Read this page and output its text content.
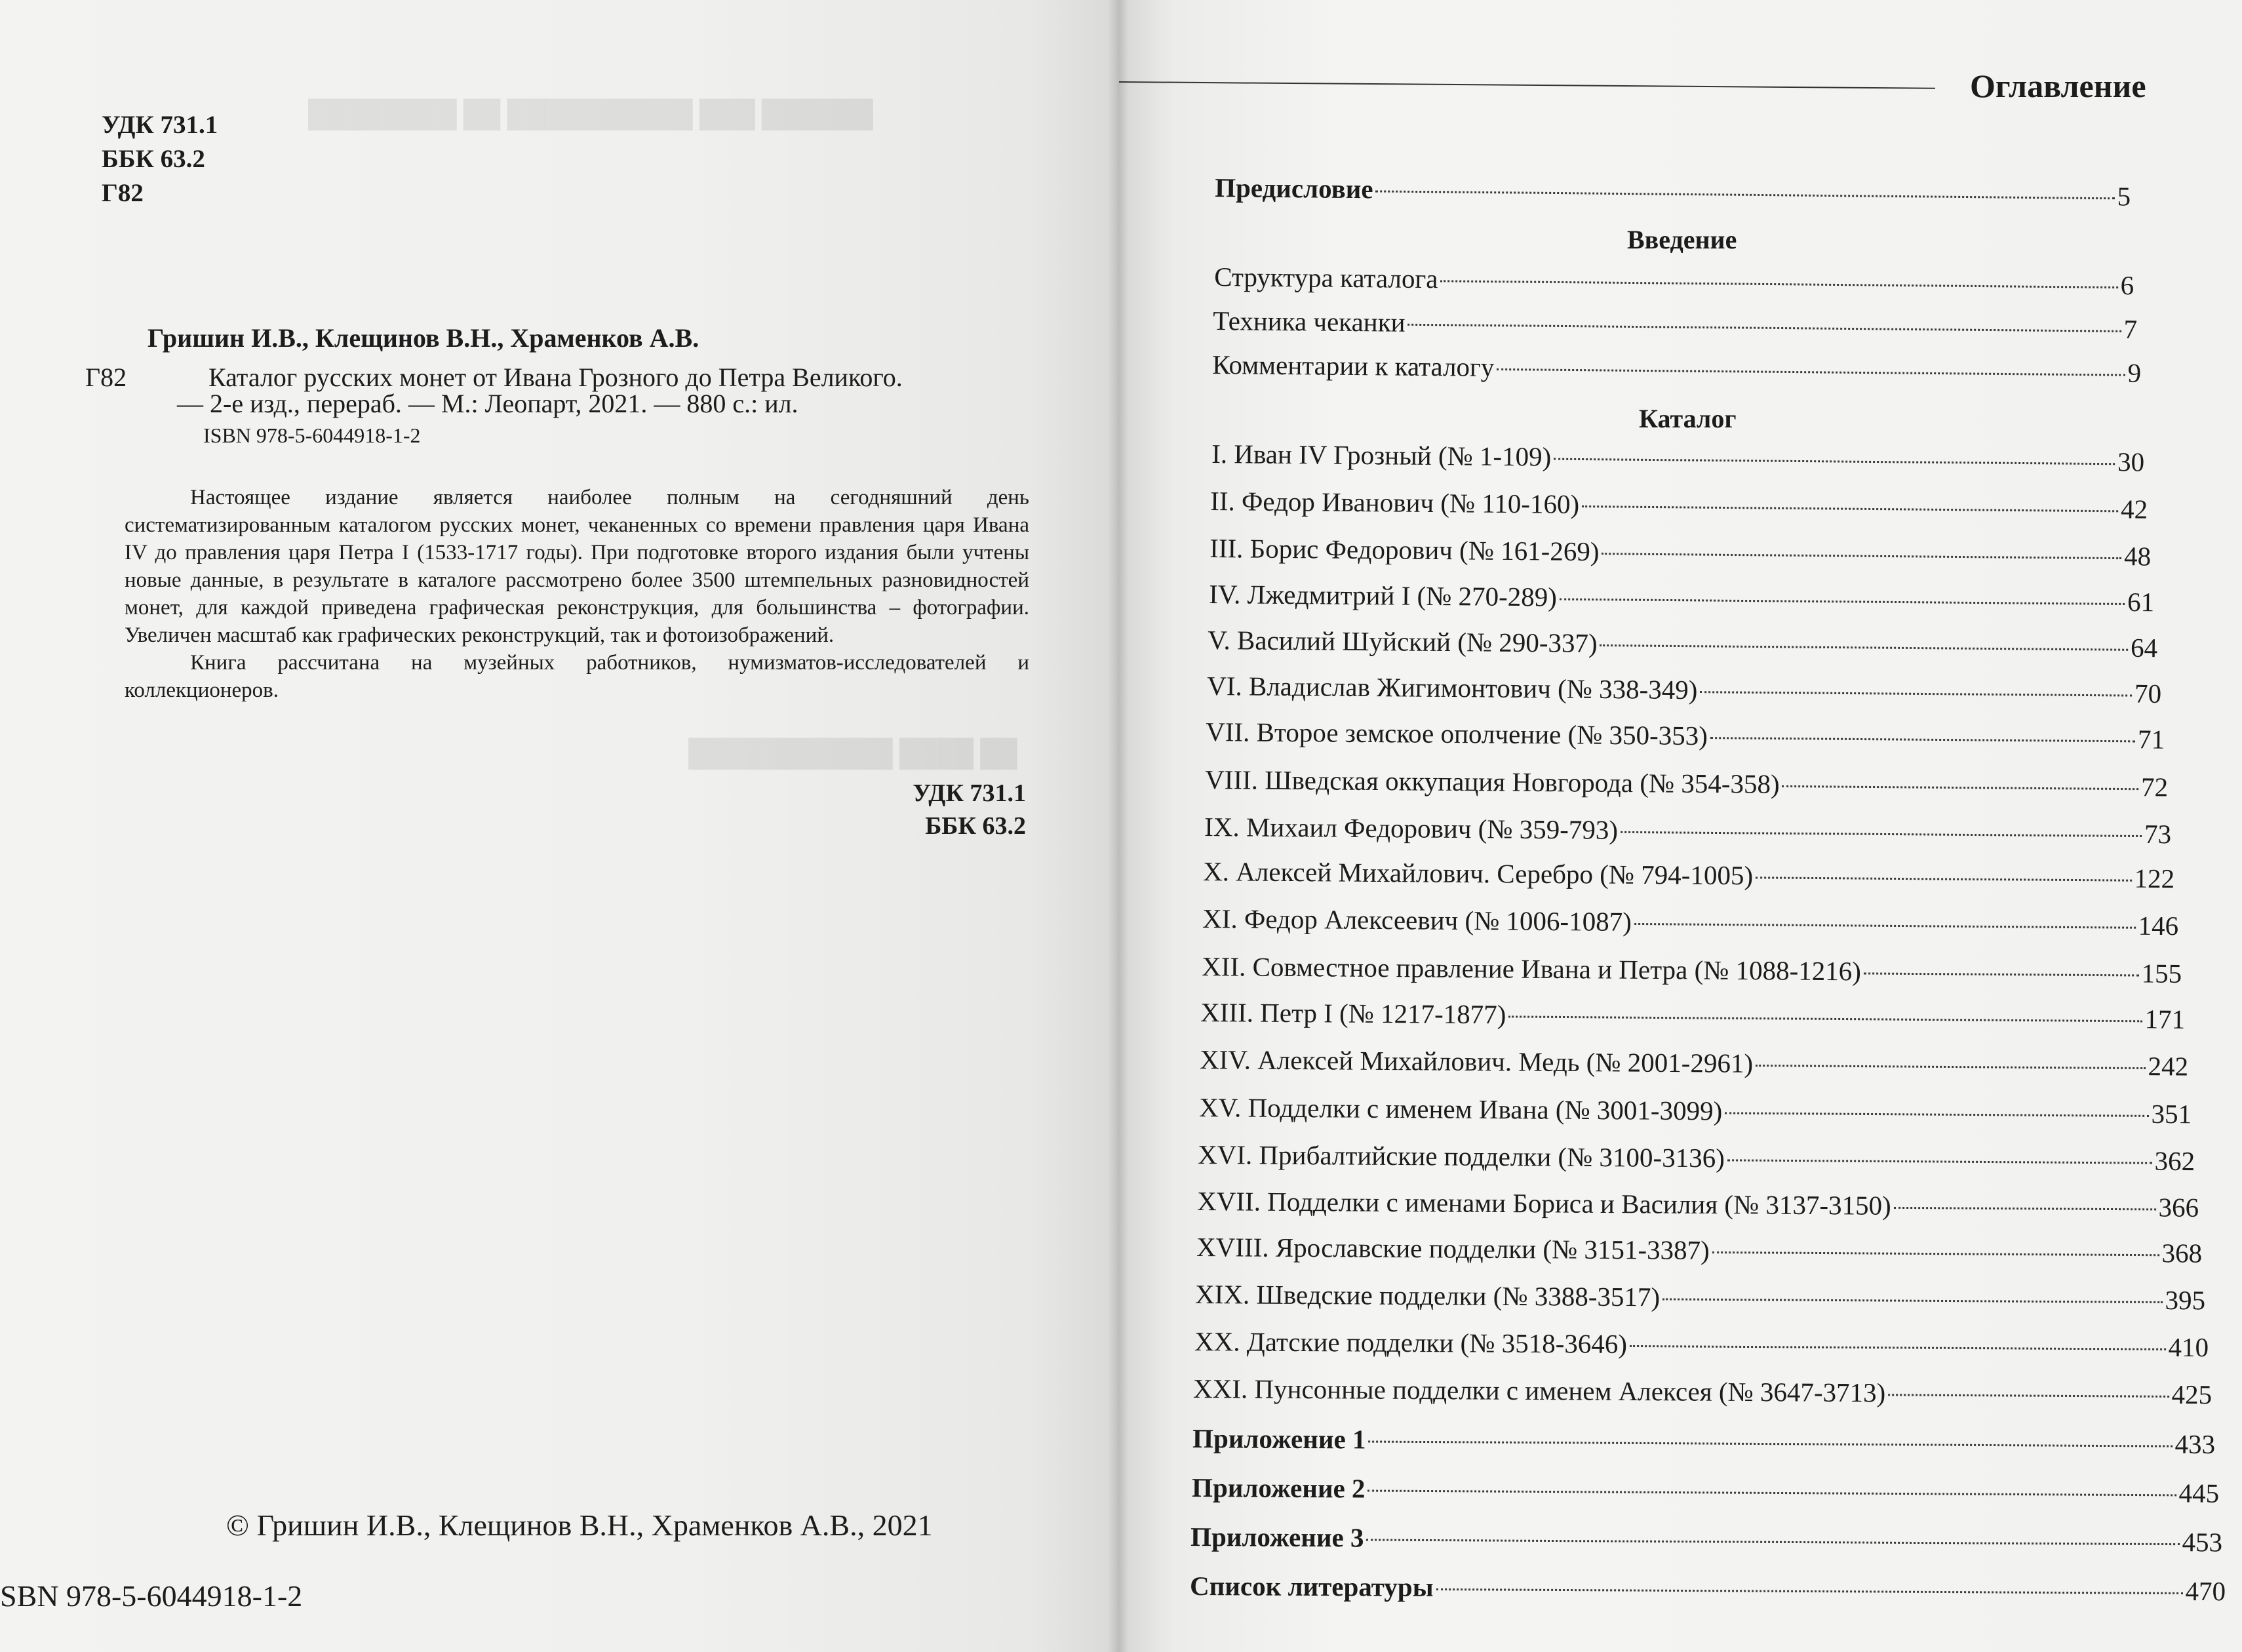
██████ ███ ██████████ ██ ████████
██ ████ ███████████
УДК 731.1
ББК 63.2
Г82
Гришин И.В., Клещинов В.Н., Храменков А.В.
Г82	Каталог русских монет от Ивана Грозного до Петра Великого.
— 2-е изд., перераб. — М.: Леопарт, 2021. — 880 с.: ил.
ISBN 978-5-6044918-1-2

Настоящее издание является наиболее полным на сегодняшний день систематизированным каталогом русских монет, чеканенных со времени правления царя Ивана IV до правления царя Петра I (1533-1717 годы). При подготовке второго издания были учтены новые данные, в результате в каталоге рассмотрено более 3500 штемпельных разновидностей монет, для каждой приведена графическая реконструкция, для большинства – фотографии. Увеличен масштаб как графических реконструкций, так и фотоизображений.

Книга рассчитана на музейных работников, нумизматов-исследователей и коллекционеров.

УДК 731.1
ББК 63.2
© Гришин И.В., Клещинов В.Н., Храменков А.В., 2021
SBN 978-5-6044918-1-2
Оглавление
Введение
Каталог
Предисловие	5
Структура каталога	6
Техника чеканки	7
Комментарии к каталогу	9
I. Иван IV Грозный (№ 1-109)	30
II. Федор Иванович (№ 110-160)	42
III. Борис Федорович (№ 161-269)	48
IV. Лжедмитрий I (№ 270-289)	61
V. Василий Шуйский (№ 290-337)	64
VI. Владислав Жигимонтович (№ 338-349)	70
VII. Второе земское ополчение (№ 350-353)	71
VIII. Шведская оккупация Новгорода (№ 354-358)	72
IX. Михаил Федорович (№ 359-793)	73
X. Алексей Михайлович. Серебро (№ 794-1005)	122
XI. Федор Алексеевич (№ 1006-1087)	146
XII. Совместное правление Ивана и Петра (№ 1088-1216)	155
XIII. Петр I (№ 1217-1877)	171
XIV. Алексей Михайлович. Медь (№ 2001-2961)	242
XV. Подделки с именем Ивана (№ 3001-3099)	351
XVI. Прибалтийские подделки (№ 3100-3136)	362
XVII. Подделки с именами Бориса и Василия (№ 3137-3150)	366
XVIII. Ярославские подделки (№ 3151-3387)	368
XIX. Шведские подделки (№ 3388-3517)	395
XX. Датские подделки (№ 3518-3646)	410
XXI. Пунсонные подделки с именем Алексея (№ 3647-3713)	425
Приложение 1	433
Приложение 2	445
Приложение 3	453
Список литературы	470
